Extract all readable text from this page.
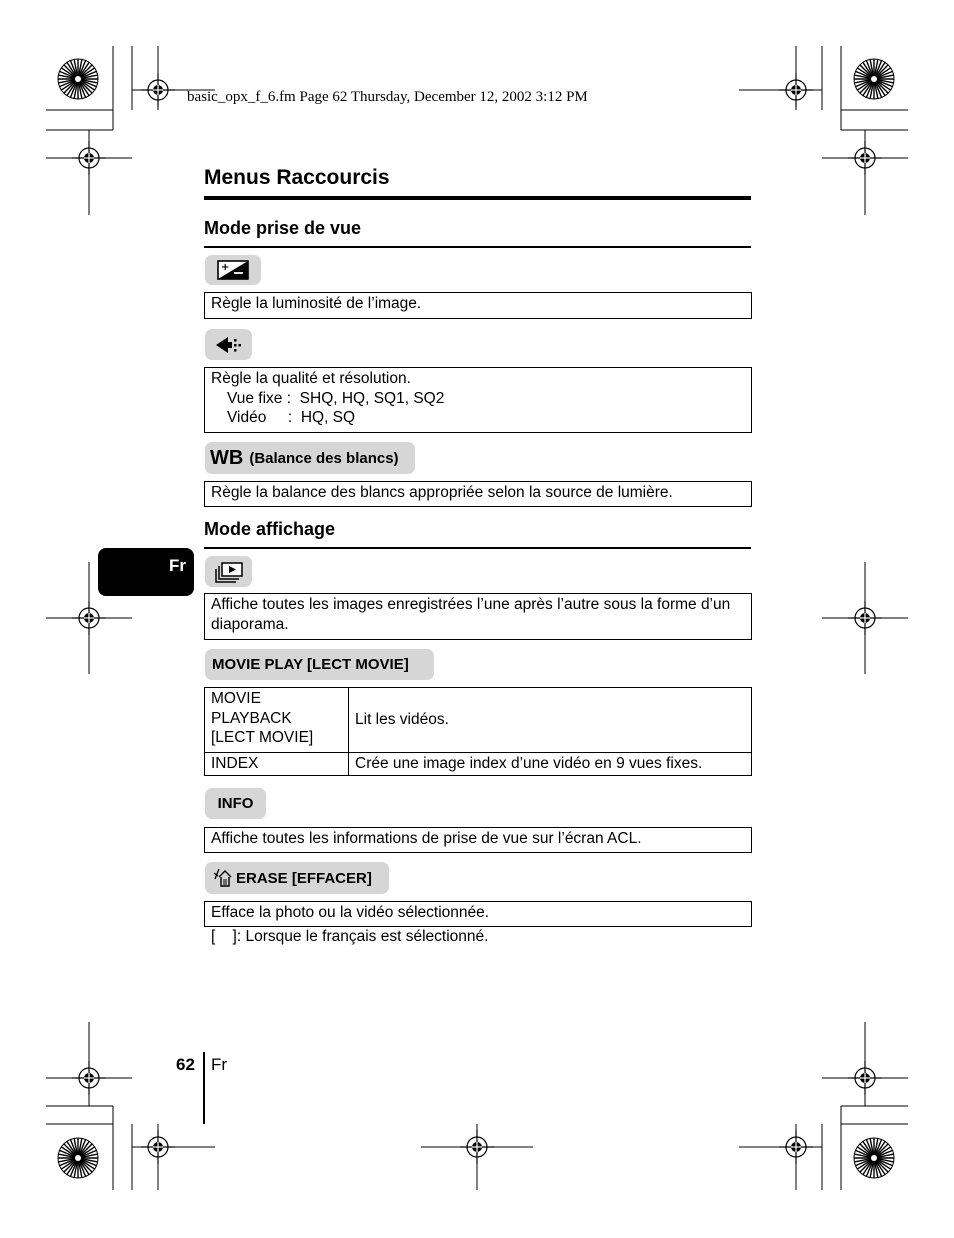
basic_opx_f_6.fm Page 62 Thursday, December 12, 2002 3:12 PM
Menus Raccourcis
Mode prise de vue
+
Règle la luminosité de l’image.
Règle la qualité et résolution.
Vue fixe :  SHQ, HQ, SQ1, SQ2
Vidéo     :  HQ, SQ
WB (Balance des blancs)
Règle la balance des blancs appropriée selon la source de lumière.
Mode affichage
Fr
Affiche toutes les images enregistrées l’une après l’autre sous la forme d’un
diaporama.
MOVIE PLAY [LECT MOVIE]
MOVIE
PLAYBACK
[LECT MOVIE]	Lit les vidéos.
INDEX	Crée une image index d’une vidéo en 9 vues fixes.
INFO
Affiche toutes les informations de prise de vue sur l’écran ACL.
ERASE [EFFACER]
Efface la photo ou la vidéo sélectionnée.
[    ]: Lorsque le français est sélectionné.
62 Fr
